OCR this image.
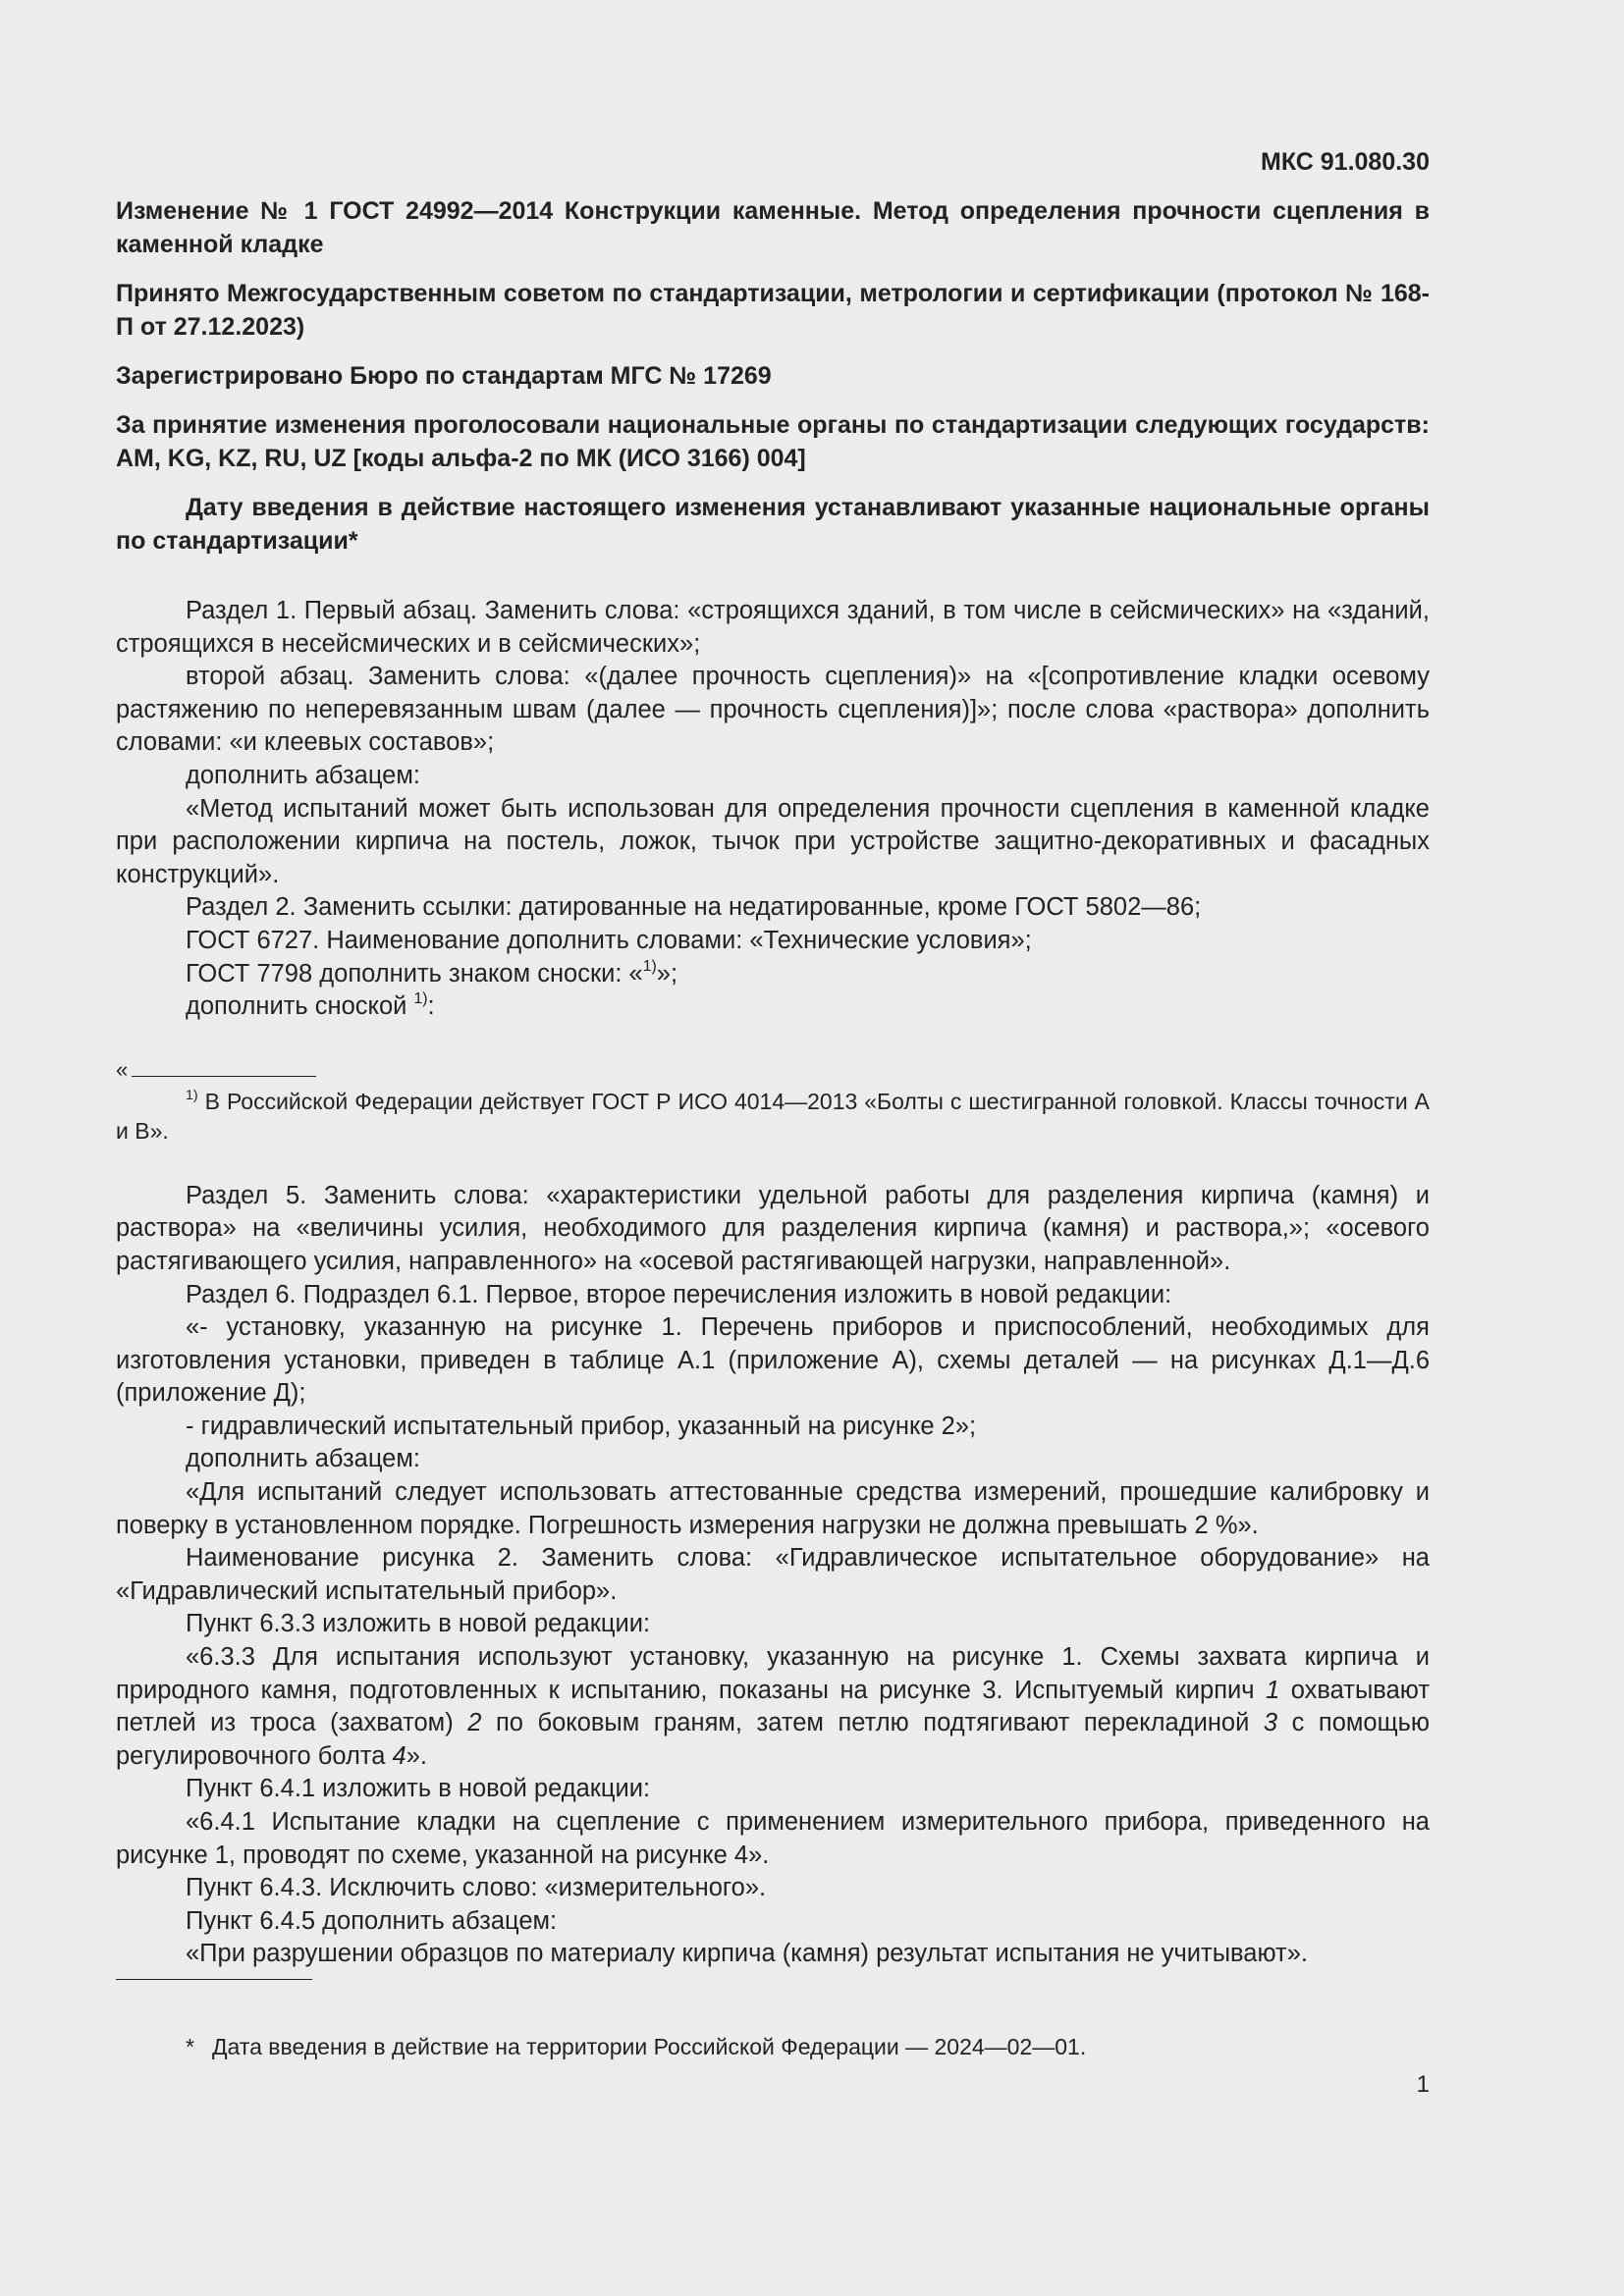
МКС 91.080.30

Изменение № 1 ГОСТ 24992—2014 Конструкции каменные. Метод определения прочности сцепления в каменной кладке

Принято Межгосударственным советом по стандартизации, метрологии и сертификации (протокол № 168-П от 27.12.2023)

Зарегистрировано Бюро по стандартам МГС № 17269

За принятие изменения проголосовали национальные органы по стандартизации следующих государств: AM, KG, KZ, RU, UZ [коды альфа-2 по МК (ИСО 3166) 004]

Дату введения в действие настоящего изменения устанавливают указанные национальные органы по стандартизации*

Раздел 1. Первый абзац. Заменить слова: «строящихся зданий, в том числе в сейсмических» на «зданий, строящихся в несейсмических и в сейсмических»;

второй абзац. Заменить слова: «(далее прочность сцепления)» на «[сопротивление кладки осевому растяжению по неперевязанным швам (далее — прочность сцепления)]»; после слова «раствора» дополнить словами: «и клеевых составов»;

дополнить абзацем:

«Метод испытаний может быть использован для определения прочности сцепления в каменной кладке при расположении кирпича на постель, ложок, тычок при устройстве защитно-декоративных и фасадных конструкций».

Раздел 2. Заменить ссылки: датированные на недатированные, кроме ГОСТ 5802—86;

ГОСТ 6727. Наименование дополнить словами: «Технические условия»;

ГОСТ 7798 дополнить знаком сноски: «$^{1)}$»;

дополнить сноской $^{1)}$:

«

$^{1)}$ В Российской Федерации действует ГОСТ Р ИСО 4014—2013 «Болты с шестигранной головкой. Классы точности А и В».

Раздел 5. Заменить слова: «характеристики удельной работы для разделения кирпича (камня) и раствора» на «величины усилия, необходимого для разделения кирпича (камня) и раствора,»; «осевого растягивающего усилия, направленного» на «осевой растягивающей нагрузки, направленной».

Раздел 6. Подраздел 6.1. Первое, второе перечисления изложить в новой редакции:

«- установку, указанную на рисунке 1. Перечень приборов и приспособлений, необходимых для изготовления установки, приведен в таблице А.1 (приложение А), схемы деталей — на рисунках Д.1—Д.6 (приложение Д);

- гидравлический испытательный прибор, указанный на рисунке 2»;

дополнить абзацем:

«Для испытаний следует использовать аттестованные средства измерений, прошедшие калибровку и поверку в установленном порядке. Погрешность измерения нагрузки не должна превышать 2 %».

Наименование рисунка 2. Заменить слова: «Гидравлическое испытательное оборудование» на «Гидравлический испытательный прибор».

Пункт 6.3.3 изложить в новой редакции:

«6.3.3 Для испытания используют установку, указанную на рисунке 1. Схемы захвата кирпича и природного камня, подготовленных к испытанию, показаны на рисунке 3. Испытуемый кирпич 1 охватывают петлей из троса (захватом) 2 по боковым граням, затем петлю подтягивают перекладиной 3 с помощью регулировочного болта 4».

Пункт 6.4.1 изложить в новой редакции:

«6.4.1 Испытание кладки на сцепление с применением измерительного прибора, приведенного на рисунке 1, проводят по схеме, указанной на рисунке 4».

Пункт 6.4.3. Исключить слово: «измерительного».

Пункт 6.4.5 дополнить абзацем:

«При разрушении образцов по материалу кирпича (камня) результат испытания не учитывают».

* Дата введения в действие на территории Российской Федерации — 2024—02—01.
1
